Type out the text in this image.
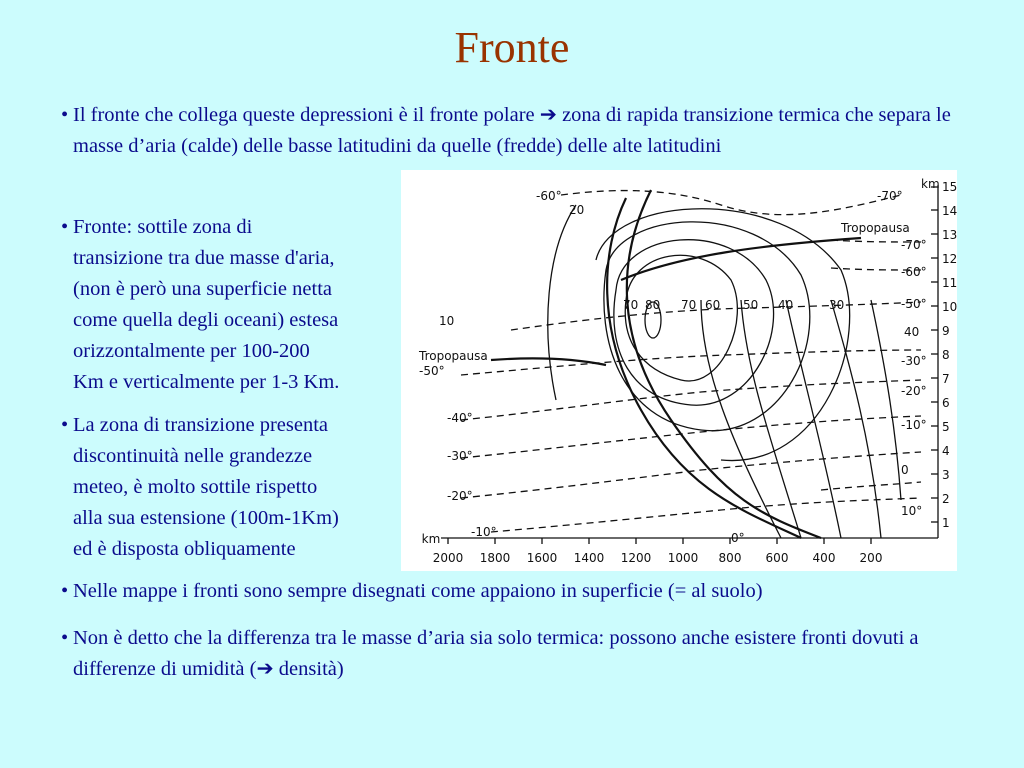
Fronte
• Il fronte che collega queste depressioni è il fronte polare ➔ zona di rapida transizione termica che separa le masse d’aria (calde) delle basse latitudini da quelle (fredde) delle alte latitudini
• Fronte: sottile zona di
transizione tra due masse d'aria,
(non è però una superficie netta
come quella degli oceani) estesa
orizzontalmente per 100-200
Km e verticalmente per 1-3 Km.
• La zona di transizione presenta
discontinuità nelle grandezze
meteo, è molto sottile rispetto
alla sua estensione (100m-1Km)
ed è disposta obliquamente
• Nelle mappe i fronti sono sempre disegnati come appaiono in superficie (= al suolo)
• Non è detto che la differenza tra le masse d’aria sia solo termica: possono anche esistere fronti dovuti a differenze di umidità (➔ densità)
km 15
14
13
12
11
10
9
8
7
6
5
4
3
2
1
2000 1800 1600 1400 1200 1000 800 600 400 200
km
Tropopausa
Tropopausa
-70°
-70°
-60°
-50°
40
-30°
-20°
-10°
0
10°
-60°
20
10
-50°
-40°
-30°
-20°
-10°	0°
70 80 70 60 50 40	30
